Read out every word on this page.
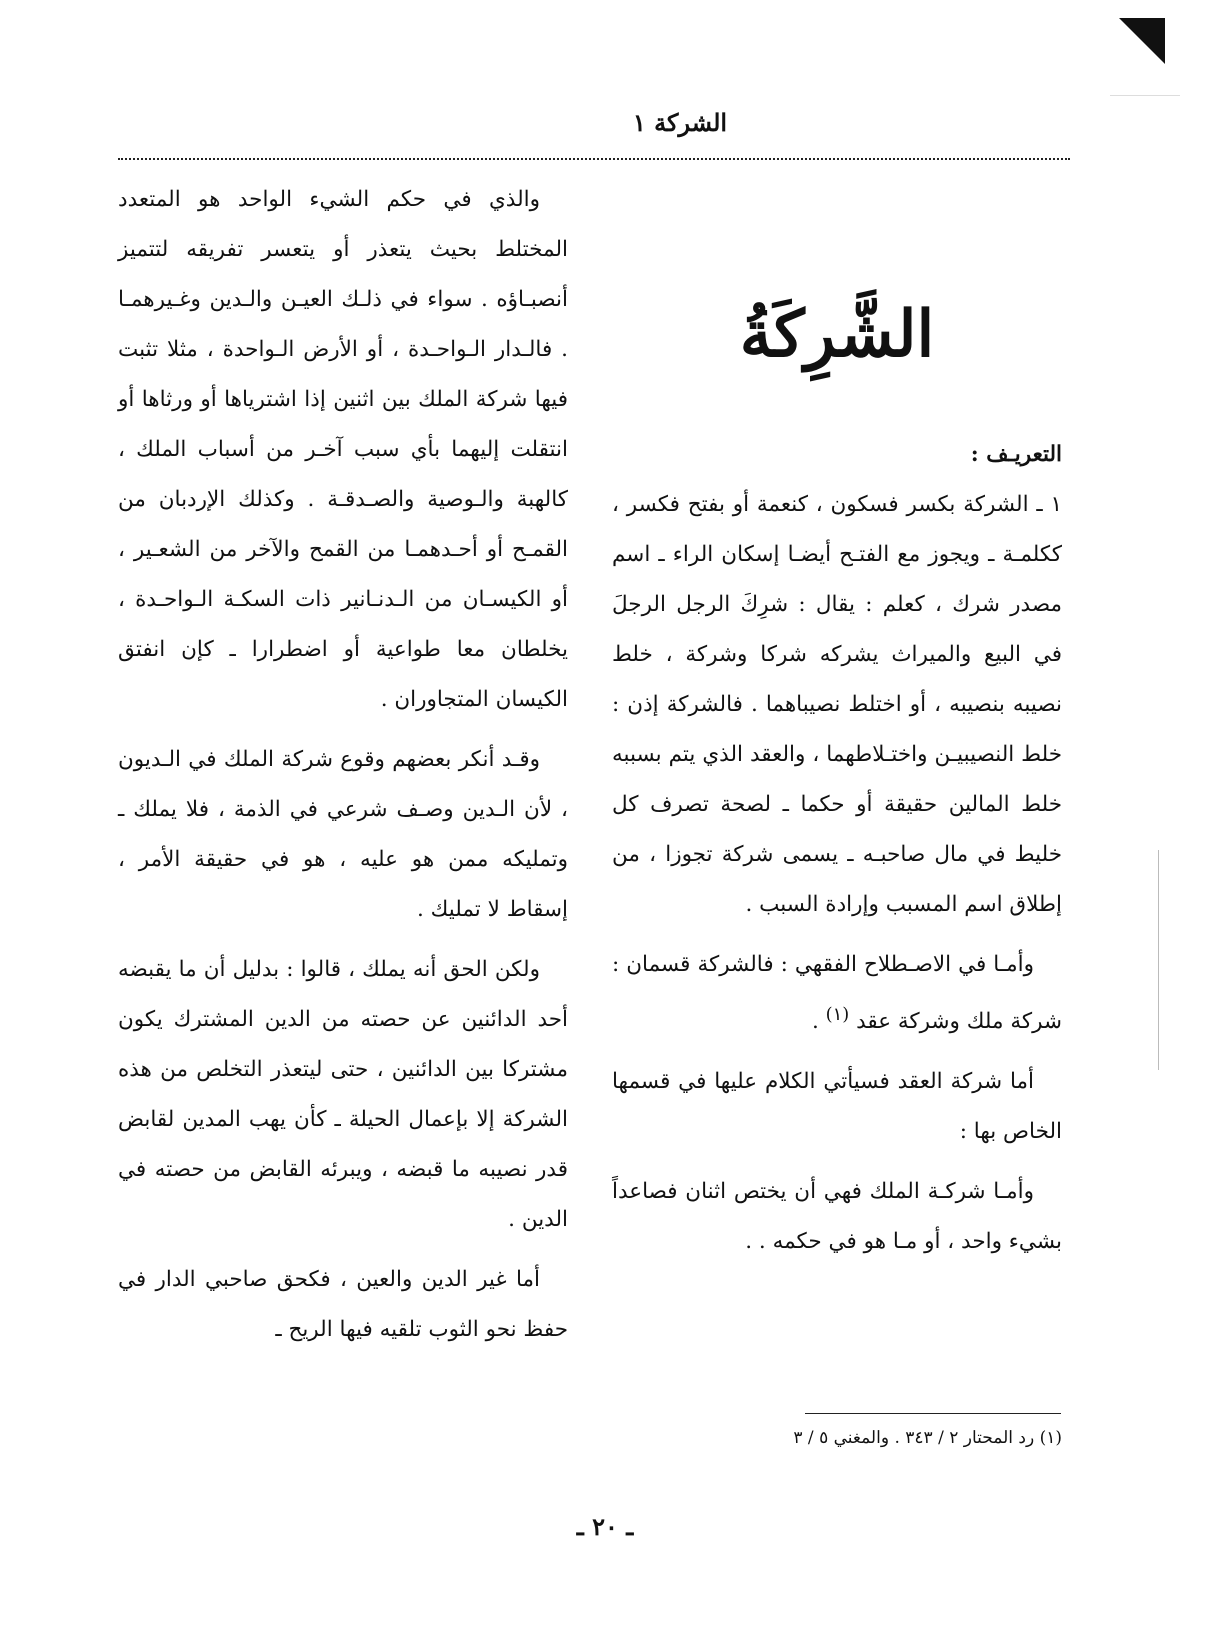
الشركة ١
الشَّرِكَةُ

التعريـف :

١ ـ الشركة بكسر فسكون ، كنعمة أو بفتح فكسر ، ككلمـة ـ ويجوز مع الفتـح أيضـا إسكان الراء ـ اسم مصدر شرك ، كعلم : يقال : شرِكَ الرجل الرجلَ في البيع والميراث يشركه شركا وشركة ، خلط نصيبه بنصيبه ، أو اختلط نصيباهما . فالشركة إذن : خلط النصيبيـن واختـلاطهما ، والعقد الذي يتم بسببه خلط المالين حقيقة أو حكما ـ لصحة تصرف كل خليط في مال صاحبـه ـ يسمى شركة تجوزا ، من إطلاق اسم المسبب وإرادة السبب .

وأمـا في الاصـطلاح الفقهي : فالشركة قسمان : شركة ملك وشركة عقد $^{(١)}$ .

أما شركة العقد فسيأتي الكلام عليها في قسمها الخاص بها :

وأمـا شركـة الملك فهي أن يختص اثنان فصاعداً بشيء واحد ، أو مـا هو في حكمه . .

والذي في حكم الشيء الواحد هو المتعدد المختلط بحيث يتعذر أو يتعسر تفريقه لتتميز أنصبـاؤه . سواء في ذلـك العيـن والـدين وغـيرهمـا . فالـدار الـواحـدة ، أو الأرض الـواحدة ، مثلا تثبت فيها شركة الملك بين اثنين إذا اشترياها أو ورثاها أو انتقلت إليهما بأي سبب آخـر من أسباب الملك ، كالهبة والـوصية والصـدقـة . وكذلك الإردبان من القمـح أو أحـدهمـا من القمح والآخر من الشعـير ، أو الكيسـان من الـدنـانير ذات السكـة الـواحـدة ، يخلطان معا طواعية أو اضطرارا ـ كإن انفتق الكيسان المتجاوران .

وقـد أنكر بعضهم وقوع شركة الملك في الـديون ، لأن الـدين وصـف شرعي في الذمة ، فلا يملك ـ وتمليكه ممن هو عليه ، هو في حقيقة الأمر ، إسقاط لا تمليك .

ولكن الحق أنه يملك ، قالوا : بدليل أن ما يقبضه أحد الدائنين عن حصته من الدين المشترك يكون مشتركا بين الدائنين ، حتى ليتعذر التخلص من هذه الشركة إلا بإعمال الحيلة ـ كأن يهب المدين لقابض قدر نصيبه ما قبضه ، ويبرئه القابض من حصته في الدين .

أما غير الدين والعين ، فكحق صاحبي الدار في حفظ نحو الثوب تلقيه فيها الريح ـ

(١) رد المحتار ٢ / ٣٤٣ . والمغني ٥ / ٣
ـ ٢٠ ـ
